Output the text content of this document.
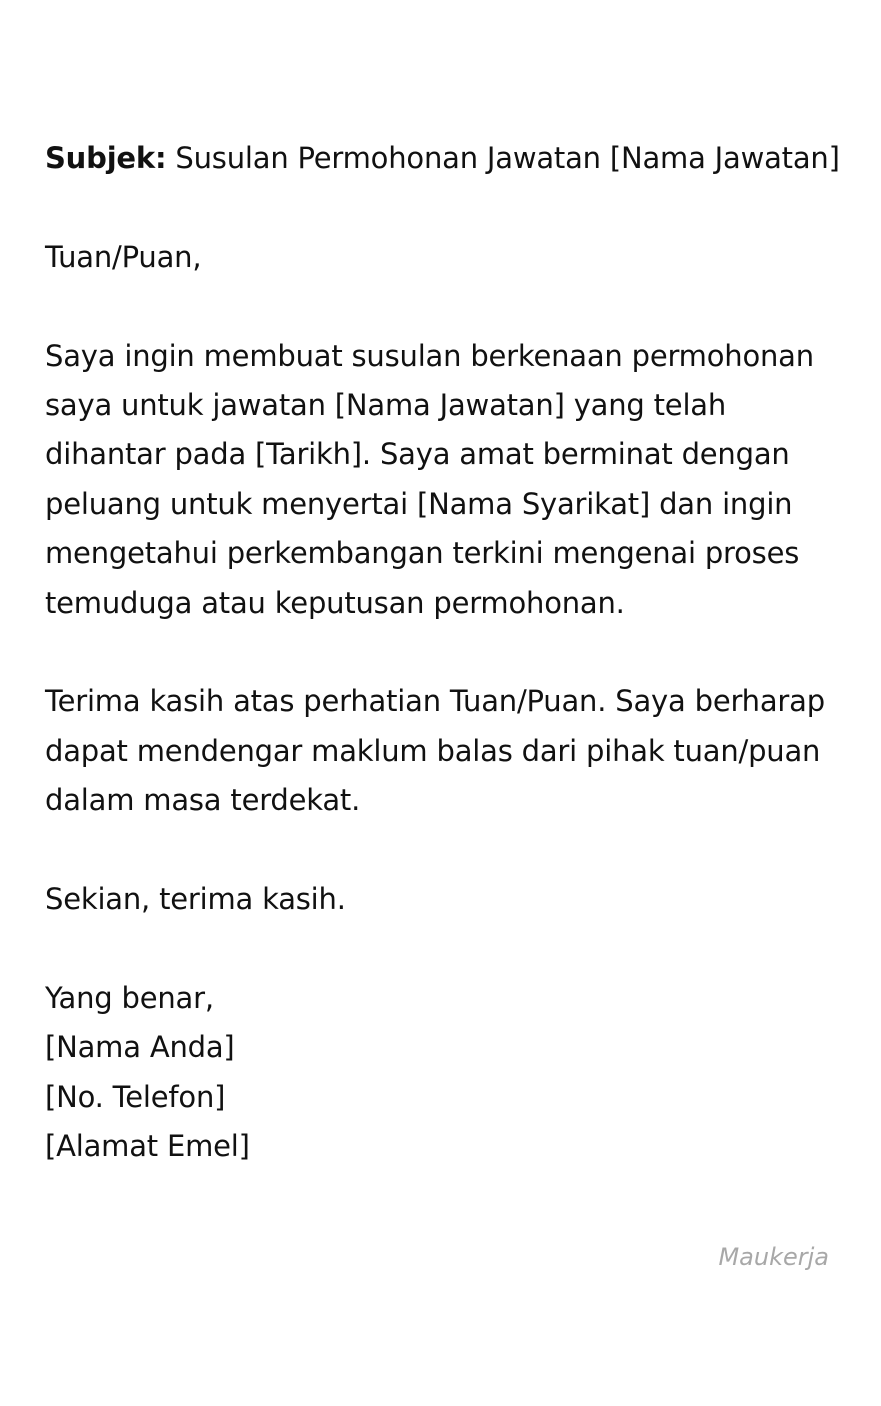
Subjek: Susulan Permohonan Jawatan [Nama Jawatan]

Tuan/Puan,

Saya ingin membuat susulan berkenaan permohonan saya untuk jawatan [Nama Jawatan] yang telah dihantar pada [Tarikh]. Saya amat berminat dengan peluang untuk menyertai [Nama Syarikat] dan ingin mengetahui perkembangan terkini mengenai proses temuduga atau keputusan permohonan.

Terima kasih atas perhatian Tuan/Puan. Saya berharap dapat mendengar maklum balas dari pihak tuan/puan dalam masa terdekat.

Sekian, terima kasih.

Yang benar,
[Nama Anda]
[No. Telefon]
[Alamat Emel]
Maukerja
